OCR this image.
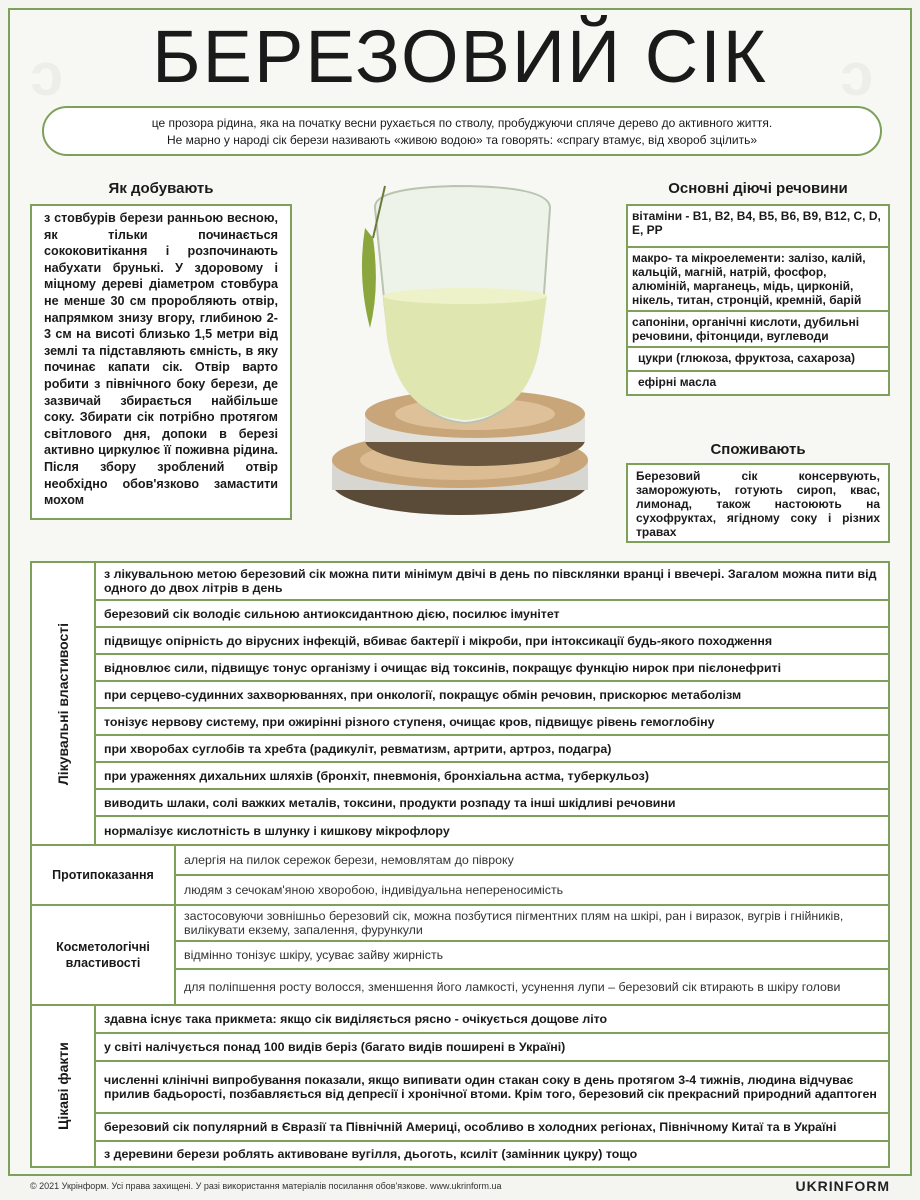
БЕРЕЗОВИЙ СІК
це прозора рідина, яка на початку весни рухається по стволу, пробуджуючи сплячe дерево до активного життя.
Не марно у народі сік берези називають «живою водою» та говорять: «спрагу втамує, від хвороб зцілить»
Як добувають
з стовбурів берези ранньою весною, як тільки починається сококовитікання і розпочинають набухати брунькі. У здоровому і міцному дереві діаметром стовбура не менше 30 см проробляють отвір, напрямком знизу вгору, глибиною 2-3 см на висоті близько 1,5 метри від землі та підставляють ємність, в яку починає капати сік. Отвір варто робити з північного боку берези, де зазвичай збирається найбільше соку. Збирати сік потрібно протягом світлового дня, допоки в березі активно циркулює її поживна рідина. Після збору зроблений отвір необхідно обов'язково замастити мохом
Основні діючі речовини
вітаміни - В1, В2, В4, В5, В6, В9, В12, С, D, E, PP
макро- та мікроелементи: залізо, калій, кальцій, магній, натрій, фосфор, алюміній, марганець, мідь, цирконій, нікель, титан, стронцій, кремній, барій
сапоніни, органічні кислоти, дубильні речовини, фітонциди, вуглеводи
цукри (глюкоза, фруктоза, сахароза)
ефірні масла
Споживають
Березовий сік консервують, заморожують, готують сироп, квас, лимонад, також настоюють на сухофруктах, ягідному соку і різних травах
Лікувальні властивості
з лікувальною метою березовий сік можна пити мінімум двічі в день по півсклянки вранці і ввечері. Загалом можна пити від одного до двох літрів в день
березовий сік володіє сильною антиоксидантною дією, посилює імунітет
підвищує опірність до вірусних інфекцій, вбиває бактерії і мікроби, при інтоксикації будь-якого походження
відновлює сили, підвищує тонус організму і очищає від токсинів, покращує функцію нирок при пієлонефриті
при серцево-судинних захворюваннях, при онкології, покращує обмін речовин, прискорює метаболізм
тонізує нервову систему, при ожирінні різного ступеня, очищає кров, підвищує рівень гемоглобіну
при хворобах суглобів та хребта (радикуліт, ревматизм, артрити, артроз, подагра)
при ураженнях дихальних шляхів (бронхіт, пневмонія, бронхіальна астма, туберкульоз)
виводить шлаки, солі важких металів, токсини, продукти розпаду та інші шкідливі речовини
нормалізує кислотність в шлунку і кишкову мікрофлору
Протипоказання
алергія на пилок сережок берези, немовлятам до півроку
людям з сечокам'яною хворобою, індивідуальна непереносимість
Косметологічні властивості
застосовуючи зовнішньо березовий сік, можна позбутися пігментних плям на шкірі, ран і виразок, вугрів і гнійників, вилікувати екзему, запалення, фурункули
відмінно тонізує шкіру, усуває зайву жирність
для поліпшення росту волосся, зменшення його ламкості, усунення лупи – березовий сік втирають в шкіру голови
Цікаві факти
здавна існує така прикмета: якщо сік виділяється рясно - очікується дощове літо
у світі налічується понад 100 видів беріз (багато видів поширені в Україні)
численні клінічні випробування показали, якщо випивати один стакан соку в день протягом 3-4 тижнів, людина відчуває прилив бадьорості, позбавляється від депресії і хронічної втоми. Крім того, березовий сік прекрасний природний адаптоген
березовий сік популярний в Євразії та Північній Америці, особливо в холодних регіонах, Північному Китаї та в Україні
з деревини берези роблять активоване вугілля, дьоготь, ксиліт (замінник цукру) тощо
© 2021 Укрінформ. Усі права захищені. У разі використання матеріалів посилання обов'язкове. www.ukrinform.ua	UKRINFORM
